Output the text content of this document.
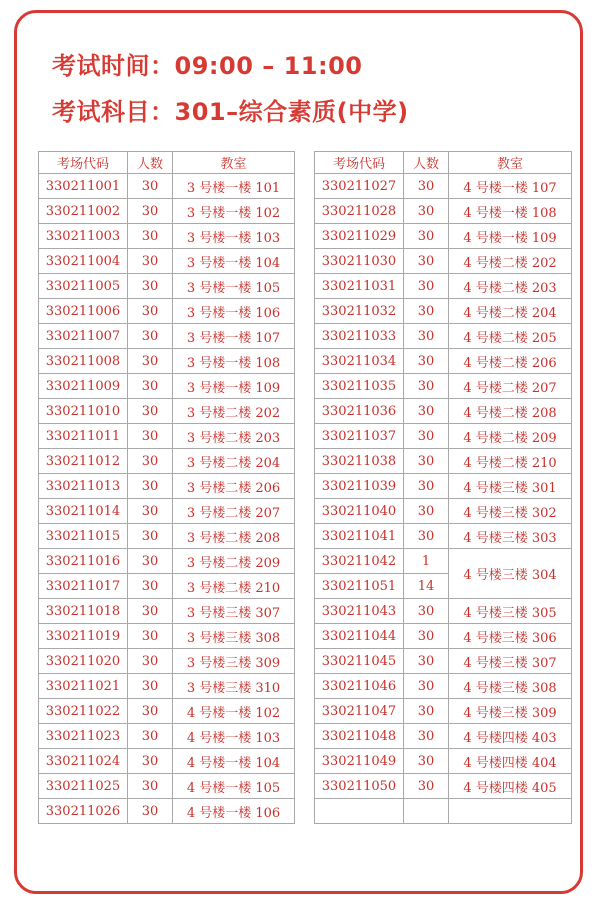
考试时间：09:00 – 11:00
考试科目：301–综合素质(中学)
考场代码	人数	教室
330211001	30	3 号楼一楼 101
330211002	30	3 号楼一楼 102
330211003	30	3 号楼一楼 103
330211004	30	3 号楼一楼 104
330211005	30	3 号楼一楼 105
330211006	30	3 号楼一楼 106
330211007	30	3 号楼一楼 107
330211008	30	3 号楼一楼 108
330211009	30	3 号楼一楼 109
330211010	30	3 号楼二楼 202
330211011	30	3 号楼二楼 203
330211012	30	3 号楼二楼 204
330211013	30	3 号楼二楼 206
330211014	30	3 号楼二楼 207
330211015	30	3 号楼二楼 208
330211016	30	3 号楼二楼 209
330211017	30	3 号楼二楼 210
330211018	30	3 号楼三楼 307
330211019	30	3 号楼三楼 308
330211020	30	3 号楼三楼 309
330211021	30	3 号楼三楼 310
330211022	30	4 号楼一楼 102
330211023	30	4 号楼一楼 103
330211024	30	4 号楼一楼 104
330211025	30	4 号楼一楼 105
330211026	30	4 号楼一楼 106
考场代码	人数	教室
330211027	30	4 号楼一楼 107
330211028	30	4 号楼一楼 108
330211029	30	4 号楼一楼 109
330211030	30	4 号楼二楼 202
330211031	30	4 号楼二楼 203
330211032	30	4 号楼二楼 204
330211033	30	4 号楼二楼 205
330211034	30	4 号楼二楼 206
330211035	30	4 号楼二楼 207
330211036	30	4 号楼二楼 208
330211037	30	4 号楼二楼 209
330211038	30	4 号楼二楼 210
330211039	30	4 号楼三楼 301
330211040	30	4 号楼三楼 302
330211041	30	4 号楼三楼 303
330211042	1	4 号楼三楼 304
330211051	14	
330211043	30	4 号楼三楼 305
330211044	30	4 号楼三楼 306
330211045	30	4 号楼三楼 307
330211046	30	4 号楼三楼 308
330211047	30	4 号楼三楼 309
330211048	30	4 号楼四楼 403
330211049	30	4 号楼四楼 404
330211050	30	4 号楼四楼 405
